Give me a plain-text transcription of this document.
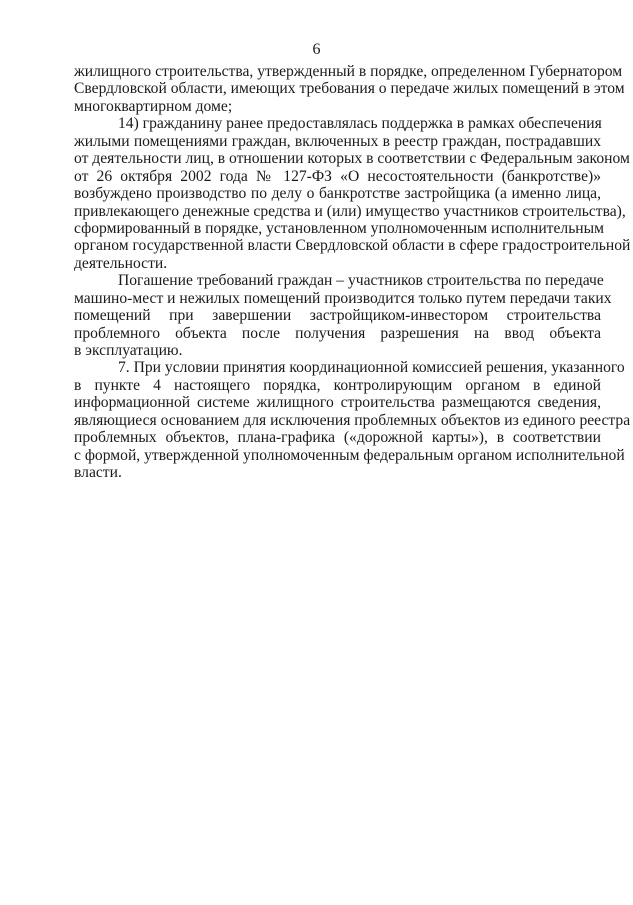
6
жилищного строительства, утвержденный в порядке, определенном Губернатором
Свердловской области, имеющих требования о передаче жилых помещений в этом
многоквартирном доме;
14) гражданину ранее предоставлялась поддержка в рамках обеспечения
жилыми помещениями граждан, включенных в реестр граждан, пострадавших
от деятельности лиц, в отношении которых в соответствии с Федеральным законом
от 26 октября 2002 года № 127-ФЗ «О несостоятельности (банкротстве)»
возбуждено производство по делу о банкротстве застройщика (а именно лица,
привлекающего денежные средства и (или) имущество участников строительства),
сформированный в порядке, установленном уполномоченным исполнительным
органом государственной власти Свердловской области в сфере градостроительной
деятельности.
Погашение требований граждан – участников строительства по передаче
машино-мест и нежилых помещений производится только путем передачи таких
помещений при завершении застройщиком-инвестором строительства
проблемного объекта после получения разрешения на ввод объекта
в эксплуатацию.
7. При условии принятия координационной комиссией решения, указанного
в пункте 4 настоящего порядка, контролирующим органом в единой
информационной системе жилищного строительства размещаются сведения,
являющиеся основанием для исключения проблемных объектов из единого реестра
проблемных объектов, плана-графика («дорожной карты»), в соответствии
с формой, утвержденной уполномоченным федеральным органом исполнительной
власти.
